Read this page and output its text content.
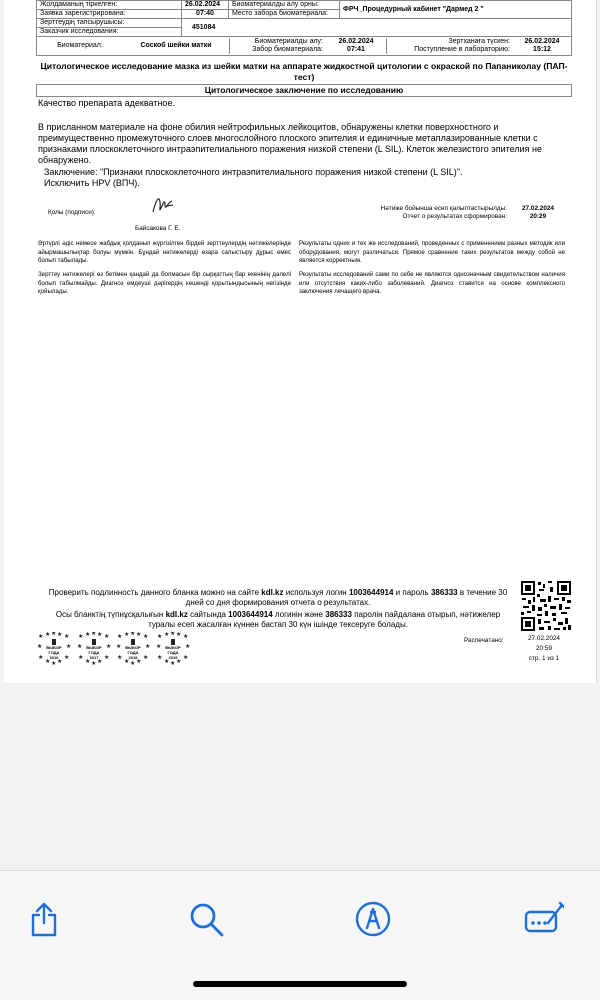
Жолдаманың тіркелген:	26.02.2024	Биоматериалды алу орны:	ФРЧ_Процедурный кабинет "Дармед 2 "
Заявка зарегистрирована:	07:40	Место забора биоматериала:
Зерттеудің тапсырушысы:	451084
Заказчик исследования:

Биоматериал:	Соскоб шейки матки	Биоматериалды алу:	26.02.2024	Зертханаға түскен:	26.02.2024
Забор биоматериала:	07:41	Поступление в лабораторию:	15:12
Цитологическое исследование мазка из шейки матки на аппарате жидкостной цитологии с окраской по Папаниколау (ПАП-тест)
Цитологическое заключение по исследованию
Качество препарата адекватное.
В присланном материале на фоне обилия нейтрофильных лейкоцитов, обнаружены клетки поверхностного и преимущественно промежуточного слоев многослойного плоского эпителия и единичные метаплазированные клетки с признаками плоскоклеточного интраэпителиального поражения низкой степени (L SIL). Клеток железистого эпителия не обнаружено.
Заключение: "Признаки плоскоклеточного интраэпителиального поражения низкой степени (L SIL)".
Исключить HPV (ВПЧ).
Қолы (подписи):
Байсакова Г. Е.
Нәтиже бойынша есеп қалыптастырылды:
Отчет о результатах сформирован:
27.02.2024
20:29
Әртүрлі әдіс немесе жабдық қолданып жүргізілген бірдей зерттеулердің нәтижелерінде айырмашылықтар болуы мүмкін. Бұндай нәтижелерді өзара салыстыру дұрыс емес болып табылады.
Зерттеу нәтижелері өз бетімен қандай да болмасын бір сырқаттың бар екенінің дәлелі болып табылмайды. Диагноз емдеуші дәрігердің кешенді қорытындысының негізінде қойылады.
Результаты одних и тех же исследований, проведенных с применением разных методик или оборудования, могут различаться. Прямое сравнение таких результатов между собой не является корректным.
Результаты исследований сами по себе не являются однозначным свидетельством наличия или отсутствия каких-либо заболеваний. Диагноз ставится на основе комплексного заключения лечащего врача.
Проверить подлинность данного бланка можно на сайте kdl.kz используя логин 1003644914 и пароль 386333 в течение 30 дней со дня формирования отчета о результатах.
Осы бланктің түпнұсқалығын kdl.kz сайтында 1003644914 логинін және 386333 паролін пайдалана отырып, нәтижелер туралы есеп жасалған күннен бастап 30 күн ішінде тексеруге болады.
Распечатано:	27.02.2024
20:59
стр. 1 из 1
★ ★ ★ ★ ★
★	★
★
★ ★ ★
★
ВЫБОР
ГОДА
2016
★ ★ ★ ★ ★
★	★
★
★ ★ ★
★
ВЫБОР
ГОДА
2017
★ ★ ★ ★ ★
★	★
★
★ ★ ★
★
ВЫБОР
ГОДА
2018
★ ★ ★ ★ ★
★	★
★
★ ★ ★
★
ВЫБОР
ГОДА
2019
